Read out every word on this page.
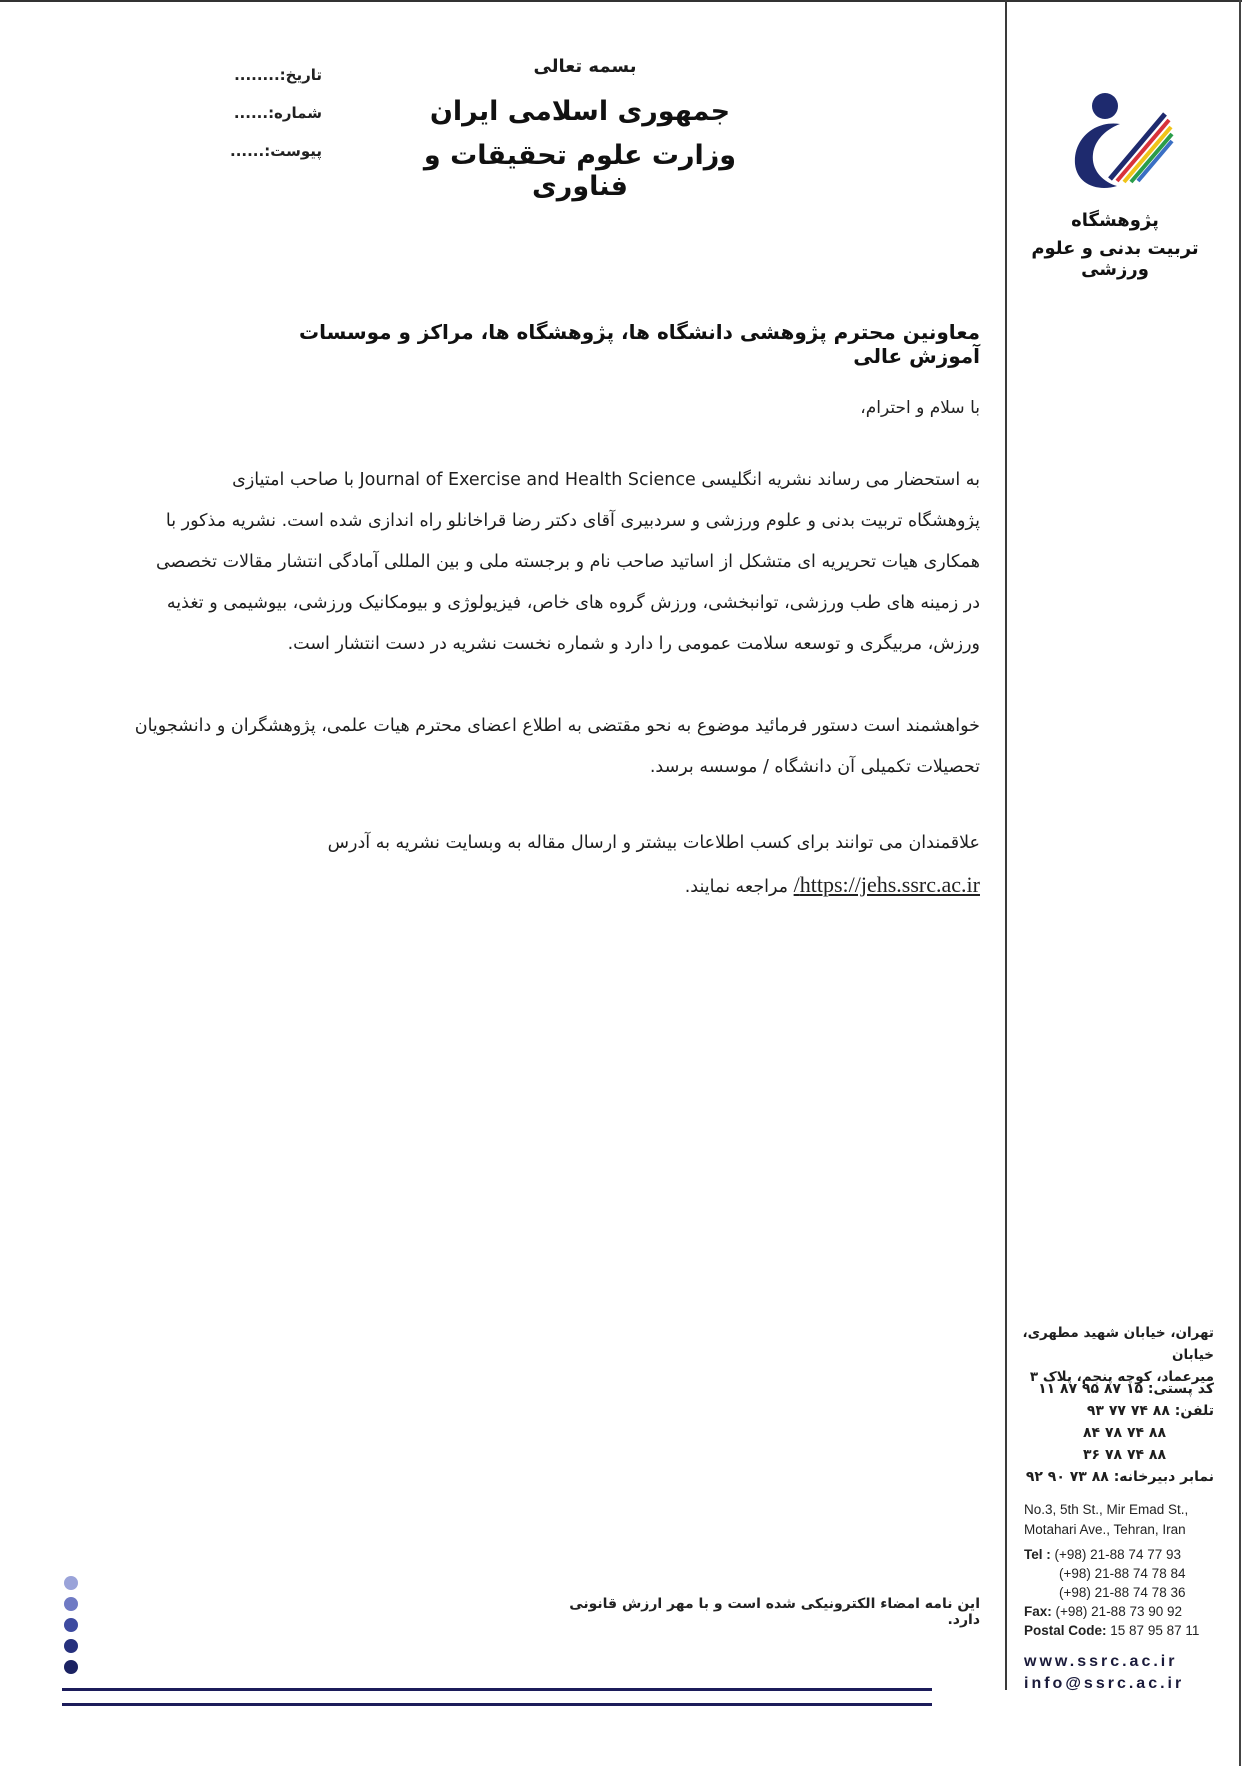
بسمه تعالی
جمهوری اسلامی ایران
وزارت علوم تحقیقات و فناوری
تاریخ:........
شماره:......
پیوست:......
پژوهشگاه
تربیت بدنی و علوم ورزشی
معاونین محترم پژوهشی دانشگاه ها، پژوهشگاه ها، مراکز و موسسات آموزش عالی
با سلام و احترام،
به استحضار می رساند نشریه انگلیسی Journal of Exercise and Health Science با صاحب امتیازی
پژوهشگاه تربیت بدنی و علوم ورزشی و سردبیری آقای دکتر رضا قراخانلو راه اندازی شده است. نشریه مذکور با
همکاری هیات تحریریه ای متشکل از اساتید صاحب نام و برجسته ملی و بین المللی آمادگی انتشار مقالات تخصصی
در زمینه های طب ورزشی، توانبخشی، ورزش گروه های خاص، فیزیولوژی و بیومکانیک ورزشی، بیوشیمی و تغذیه
ورزش، مربیگری و توسعه سلامت عمومی را دارد و شماره نخست نشریه در دست انتشار است.
خواهشمند است دستور فرمائید موضوع به نحو مقتضی به اطلاع اعضای محترم هیات علمی، پژوهشگران و دانشجویان
تحصیلات تکمیلی آن دانشگاه / موسسه برسد.
علاقمندان می توانند برای کسب اطلاعات بیشتر و ارسال مقاله به وبسایت نشریه به آدرس
https://jehs.ssrc.ac.ir/ مراجعه نمایند.
این نامه امضاء الکترونیکی شده است و با مهر ارزش قانونی دارد.
تهران، خیابان شهید مطهری، خیابان
میرعماد، کوچه پنجم، پلاک ۳
کد پستی: ۱۵ ۸۷ ۹۵ ۸۷ ۱۱
تلفن: ۸۸ ۷۴ ۷۷ ۹۳
۸۸ ۷۴ ۷۸ ۸۴
۸۸ ۷۴ ۷۸ ۳۶
نمابر دبیرخانه: ۸۸ ۷۳ ۹۰ ۹۲
No.3, 5th St., Mir Emad St.,
Motahari Ave., Tehran, Iran
Tel : (+98) 21-88 74 77 93
(+98) 21-88 74 78 84
(+98) 21-88 74 78 36
Fax: (+98) 21-88 73 90 92
Postal Code: 15 87 95 87 11
www.ssrc.ac.ir
info@ssrc.ac.ir
